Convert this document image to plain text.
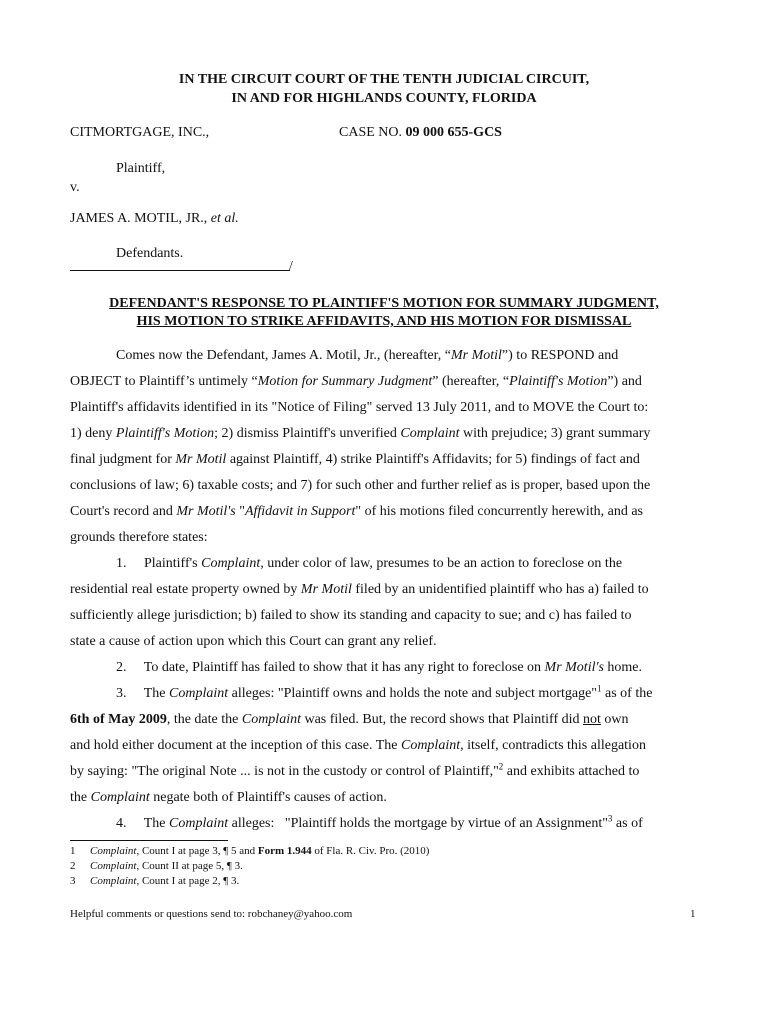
IN THE CIRCUIT COURT OF THE TENTH JUDICIAL CIRCUIT,
IN AND FOR HIGHLANDS COUNTY, FLORIDA
CITMORTGAGE, INC.,	CASE NO. 09 000 655-GCS
Plaintiff,
v.
JAMES A. MOTIL, JR., et al.
Defendants.
/
DEFENDANT'S RESPONSE TO PLAINTIFF'S MOTION FOR SUMMARY JUDGMENT,
HIS MOTION TO STRIKE AFFIDAVITS, AND HIS MOTION FOR DISMISSAL
Comes now the Defendant, James A. Motil, Jr., (hereafter, “Mr Motil”) to RESPOND and
OBJECT to Plaintiff’s untimely “Motion for Summary Judgment” (hereafter, “Plaintiff's Motion”) and
Plaintiff's affidavits identified in its "Notice of Filing" served 13 July 2011, and to MOVE the Court to:
1) deny Plaintiff's Motion; 2) dismiss Plaintiff's unverified Complaint with prejudice; 3) grant summary
final judgment for Mr Motil against Plaintiff, 4) strike Plaintiff's Affidavits; for 5) findings of fact and
conclusions of law; 6) taxable costs; and 7) for such other and further relief as is proper, based upon the
Court's record and Mr Motil's "Affidavit in Support" of his motions filed concurrently herewith, and as
grounds therefore states:
1.     Plaintiff's Complaint, under color of law, presumes to be an action to foreclose on the
residential real estate property owned by Mr Motil filed by an unidentified plaintiff who has a) failed to
sufficiently allege jurisdiction; b) failed to show its standing and capacity to sue; and c) has failed to
state a cause of action upon which this Court can grant any relief.
2.     To date, Plaintiff has failed to show that it has any right to foreclose on Mr Motil's home.
3.     The Complaint alleges: "Plaintiff owns and holds the note and subject mortgage"$^1$ as of the
6th of May 2009, the date the Complaint was filed. But, the record shows that Plaintiff did not own
and hold either document at the inception of this case. The Complaint, itself, contradicts this allegation
by saying: "The original Note ... is not in the custody or control of Plaintiff,"$^2$ and exhibits attached to
the Complaint negate both of Plaintiff's causes of action.
4.     The Complaint alleges:   "Plaintiff holds the mortgage by virtue of an Assignment"$^3$ as of
1 Complaint, Count I at page 3, ¶ 5 and Form 1.944 of Fla. R. Civ. Pro. (2010)
2 Complaint, Count II at page 5, ¶ 3.
3 Complaint, Count I at page 2, ¶ 3.
Helpful comments or questions send to: robchaney@yahoo.com	1
